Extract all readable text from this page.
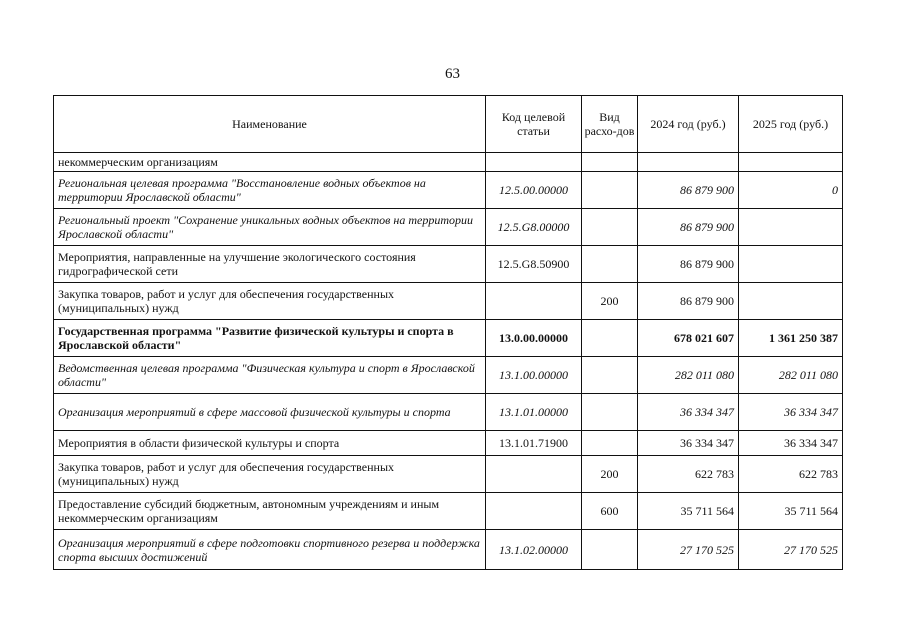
63
Наименование	Код целевой статьи	Вид расхо-дов	2024 год (руб.)	2025 год (руб.)
некоммерческим организациям				
Региональная целевая программа "Восстановление водных объектов на территории Ярославской области"	12.5.00.00000		86 879 900	0
Региональный проект "Сохранение уникальных водных объектов на территории Ярославской области"	12.5.G8.00000		86 879 900	
Мероприятия, направленные на улучшение экологического состояния гидрографической сети	12.5.G8.50900		86 879 900	
Закупка товаров, работ и услуг для обеспечения государственных (муниципальных) нужд		200	86 879 900	
Государственная программа "Развитие физической культуры и спорта в Ярославской области"	13.0.00.00000		678 021 607	1 361 250 387
Ведомственная целевая программа "Физическая культура и спорт в Ярославской области"	13.1.00.00000		282 011 080	282 011 080
Организация мероприятий в сфере массовой физической культуры и спорта	13.1.01.00000		36 334 347	36 334 347
Мероприятия в области физической культуры и спорта	13.1.01.71900		36 334 347	36 334 347
Закупка товаров, работ и услуг для обеспечения государственных (муниципальных) нужд		200	622 783	622 783
Предоставление субсидий бюджетным, автономным учреждениям и иным некоммерческим организациям		600	35 711 564	35 711 564
Организация мероприятий в сфере подготовки спортивного резерва и поддержка спорта высших достижений	13.1.02.00000		27 170 525	27 170 525
